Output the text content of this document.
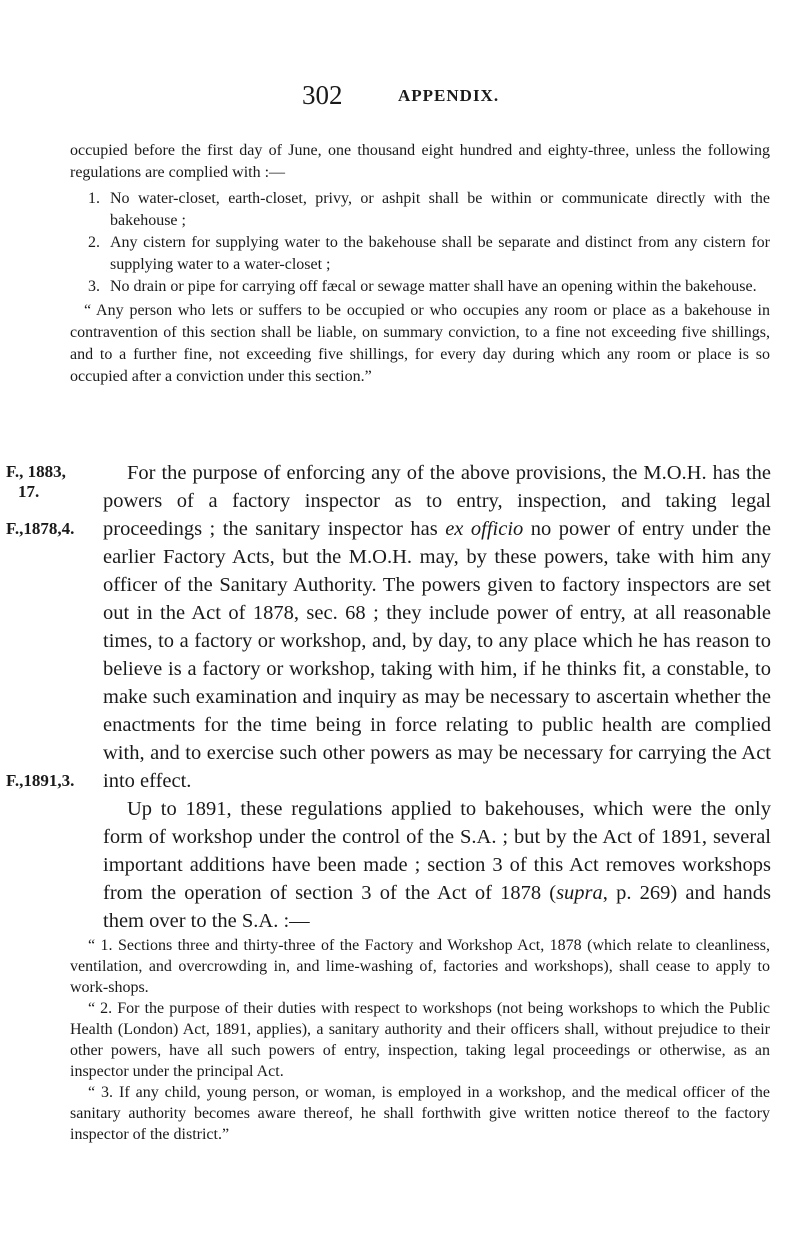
302	APPENDIX.

occupied before the first day of June, one thousand eight hundred and eighty-three, unless the following regulations are complied with :—

1. No water-closet, earth-closet, privy, or ashpit shall be within or communicate directly with the bakehouse ;
2. Any cistern for supplying water to the bakehouse shall be separate and distinct from any cistern for supplying water to a water-closet ;
3. No drain or pipe for carrying off fæcal or sewage matter shall have an opening within the bakehouse.

“ Any person who lets or suffers to be occupied or who occupies any room or place as a bakehouse in contravention of this section shall be liable, on summary conviction, to a fine not exceeding five shillings, and to a further fine, not exceeding five shillings, for every day during which any room or place is so occupied after a conviction under this section.”

F., 1883,
17.
F.,1878,4.
F.,1891,3.

For the purpose of enforcing any of the above provisions, the M.O.H. has the powers of a factory inspector as to entry, inspection, and taking legal proceedings ; the sanitary inspector has ex officio no power of entry under the earlier Factory Acts, but the M.O.H. may, by these powers, take with him any officer of the Sanitary Authority. The powers given to factory inspectors are set out in the Act of 1878, sec. 68 ; they include power of entry, at all reasonable times, to a factory or workshop, and, by day, to any place which he has reason to believe is a factory or workshop, taking with him, if he thinks fit, a constable, to make such examination and inquiry as may be necessary to ascertain whether the enactments for the time being in force relating to public health are complied with, and to exercise such other powers as may be necessary for carrying the Act into effect.

Up to 1891, these regulations applied to bakehouses, which were the only form of workshop under the control of the S.A. ; but by the Act of 1891, several important additions have been made ; section 3 of this Act removes workshops from the operation of section 3 of the Act of 1878 (supra, p. 269) and hands them over to the S.A. :—

“ 1. Sections three and thirty-three of the Factory and Workshop Act, 1878 (which relate to cleanliness, ventilation, and overcrowding in, and lime-washing of, factories and workshops), shall cease to apply to work-shops.

“ 2. For the purpose of their duties with respect to workshops (not being workshops to which the Public Health (London) Act, 1891, applies), a sanitary authority and their officers shall, without prejudice to their other powers, have all such powers of entry, inspection, taking legal proceedings or otherwise, as an inspector under the principal Act.

“ 3. If any child, young person, or woman, is employed in a workshop, and the medical officer of the sanitary authority becomes aware thereof, he shall forthwith give written notice thereof to the factory inspector of the district.”
